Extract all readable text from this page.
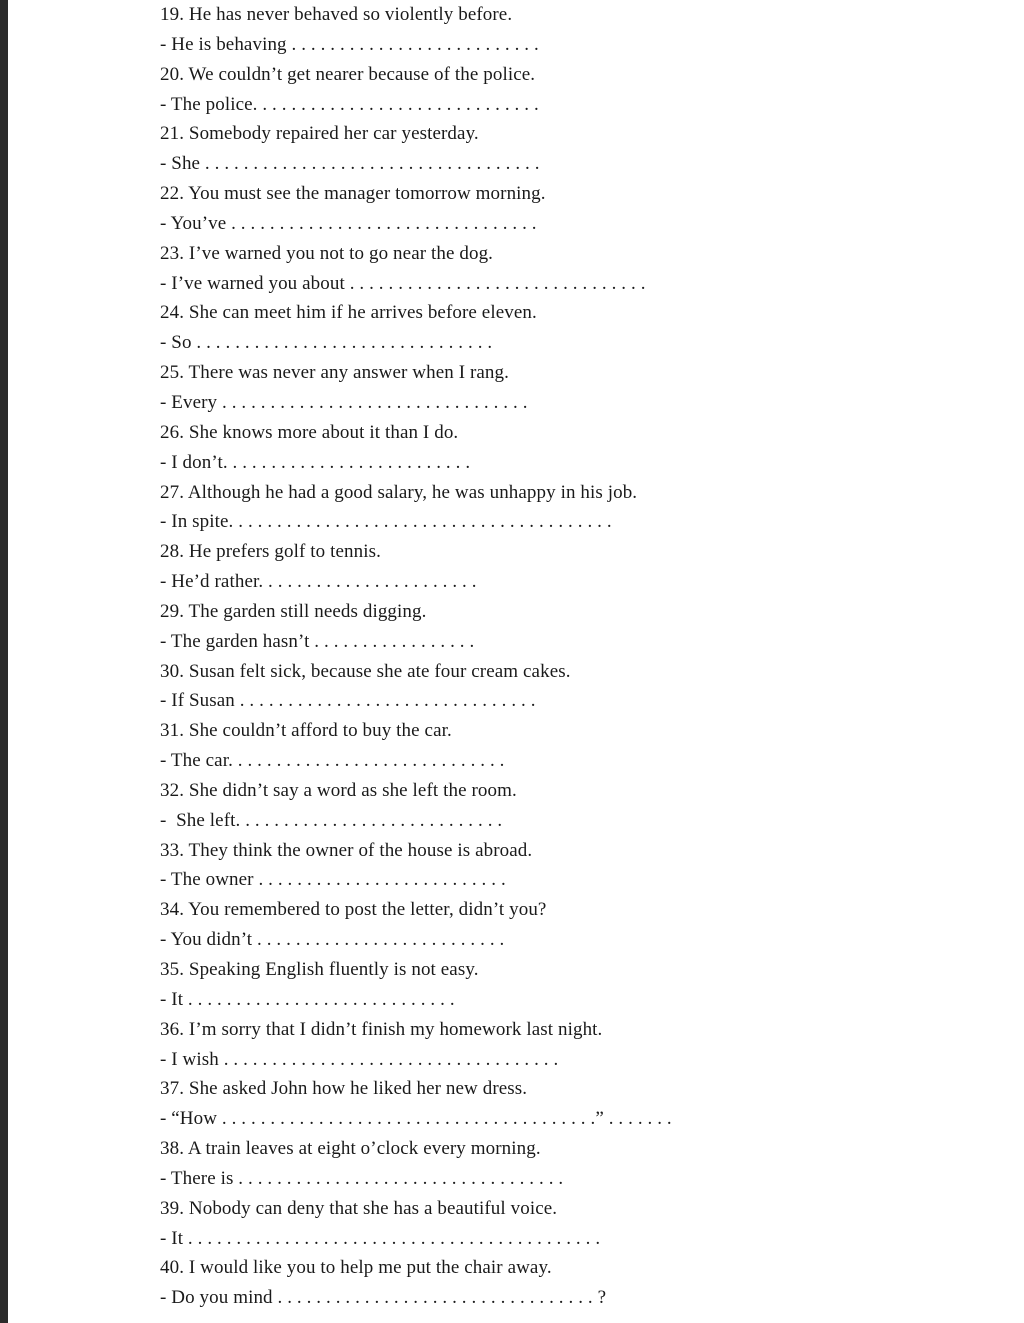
19. He has never behaved so violently before.
- He is behaving . . . . . . . . . . . . . . . . . . . . . . . . . .
20. We couldn’t get nearer because of the police.
- The police. . . . . . . . . . . . . . . . . . . . . . . . . . . . . .
21. Somebody repaired her car yesterday.
- She . . . . . . . . . . . . . . . . . . . . . . . . . . . . . . . . . . .
22. You must see the manager tomorrow morning.
- You’ve . . . . . . . . . . . . . . . . . . . . . . . . . . . . . . . .
23. I’ve warned you not to go near the dog.
- I’ve warned you about . . . . . . . . . . . . . . . . . . . . . . . . . . . . . . .
24. She can meet him if he arrives before eleven.
- So . . . . . . . . . . . . . . . . . . . . . . . . . . . . . . .
25. There was never any answer when I rang.
- Every . . . . . . . . . . . . . . . . . . . . . . . . . . . . . . . .
26. She knows more about it than I do.
- I don’t. . . . . . . . . . . . . . . . . . . . . . . . . .
27. Although he had a good salary, he was unhappy in his job.
- In spite. . . . . . . . . . . . . . . . . . . . . . . . . . . . . . . . . . . . . . . .
28. He prefers golf to tennis.
- He’d rather. . . . . . . . . . . . . . . . . . . . . . .
29. The garden still needs digging.
- The garden hasn’t . . . . . . . . . . . . . . . . .
30. Susan felt sick, because she ate four cream cakes.
- If Susan . . . . . . . . . . . . . . . . . . . . . . . . . . . . . . .
31. She couldn’t afford to buy the car.
- The car. . . . . . . . . . . . . . . . . . . . . . . . . . . . .
32. She didn’t say a word as she left the room.
-  She left. . . . . . . . . . . . . . . . . . . . . . . . . . . .
33. They think the owner of the house is abroad.
- The owner . . . . . . . . . . . . . . . . . . . . . . . . . .
34. You remembered to post the letter, didn’t you?
- You didn’t . . . . . . . . . . . . . . . . . . . . . . . . . .
35. Speaking English fluently is not easy.
- It . . . . . . . . . . . . . . . . . . . . . . . . . . . .
36. I’m sorry that I didn’t finish my homework last night.
- I wish . . . . . . . . . . . . . . . . . . . . . . . . . . . . . . . . . . .
37. She asked John how he liked her new dress.
- “How . . . . . . . . . . . . . . . . . . . . . . . . . . . . . . . . . . . . . . .” . . . . . . .
38. A train leaves at eight o’clock every morning.
- There is . . . . . . . . . . . . . . . . . . . . . . . . . . . . . . . . . .
39. Nobody can deny that she has a beautiful voice.
- It . . . . . . . . . . . . . . . . . . . . . . . . . . . . . . . . . . . . . . . . . . .
40. I would like you to help me put the chair away.
- Do you mind . . . . . . . . . . . . . . . . . . . . . . . . . . . . . . . . . ?
